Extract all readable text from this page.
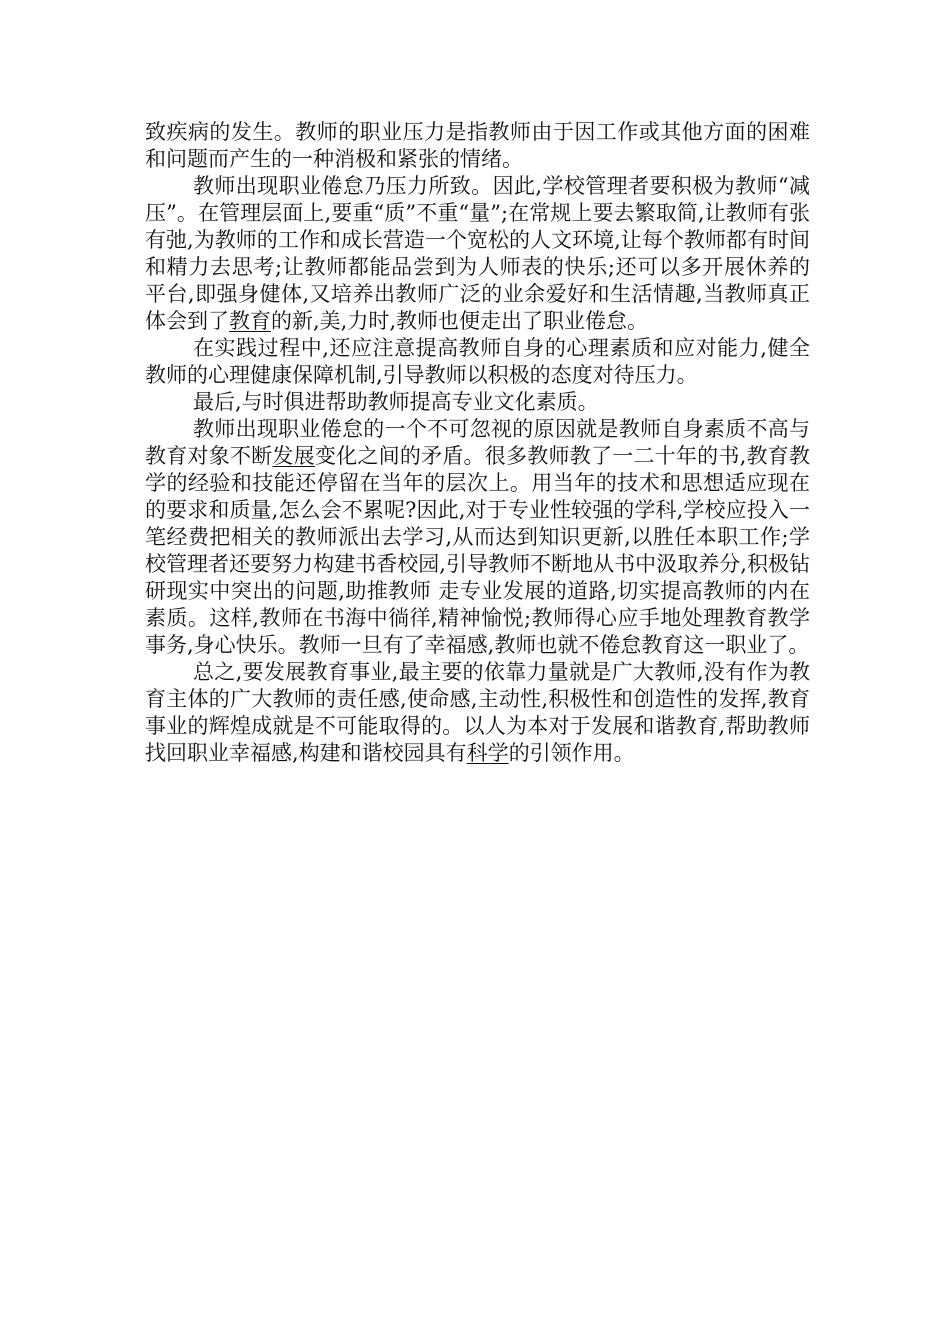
致疾病的发生。教师的职业压力是指教师由于因工作或其他方面的困难和问题而产生的一种消极和紧张的情绪。

教师出现职业倦怠乃压力所致。因此,学校管理者要积极为教师“减压”。在管理层面上,要重“质”不重“量”;在常规上要去繁取简,让教师有张有弛,为教师的工作和成长营造一个宽松的人文环境,让每个教师都有时间和精力去思考;让教师都能品尝到为人师表的快乐;还可以多开展休养的平台,即强身健体,又培养出教师广泛的业余爱好和生活情趣,当教师真正体会到了教育的新,美,力时,教师也便走出了职业倦怠。

在实践过程中,还应注意提高教师自身的心理素质和应对能力,健全教师的心理健康保障机制,引导教师以积极的态度对待压力。

最后,与时俱进帮助教师提高专业文化素质。

教师出现职业倦怠的一个不可忽视的原因就是教师自身素质不高与教育对象不断发展变化之间的矛盾。很多教师教了一二十年的书,教育教学的经验和技能还停留在当年的层次上。用当年的技术和思想适应现在的要求和质量,怎么会不累呢?因此,对于专业性较强的学科,学校应投入一笔经费把相关的教师派出去学习,从而达到知识更新,以胜任本职工作;学校管理者还要努力构建书香校园,引导教师不断地从书中汲取养分,积极钻研现实中突出的问题,助推教师 走专业发展的道路,切实提高教师的内在素质。这样,教师在书海中徜徉,精神愉悦;教师得心应手地处理教育教学事务,身心快乐。教师一旦有了幸福感,教师也就不倦怠教育这一职业了。

总之,要发展教育事业,最主要的依靠力量就是广大教师,没有作为教育主体的广大教师的责任感,使命感,主动性,积极性和创造性的发挥,教育事业的辉煌成就是不可能取得的。以人为本对于发展和谐教育,帮助教师找回职业幸福感,构建和谐校园具有科学的引领作用。
